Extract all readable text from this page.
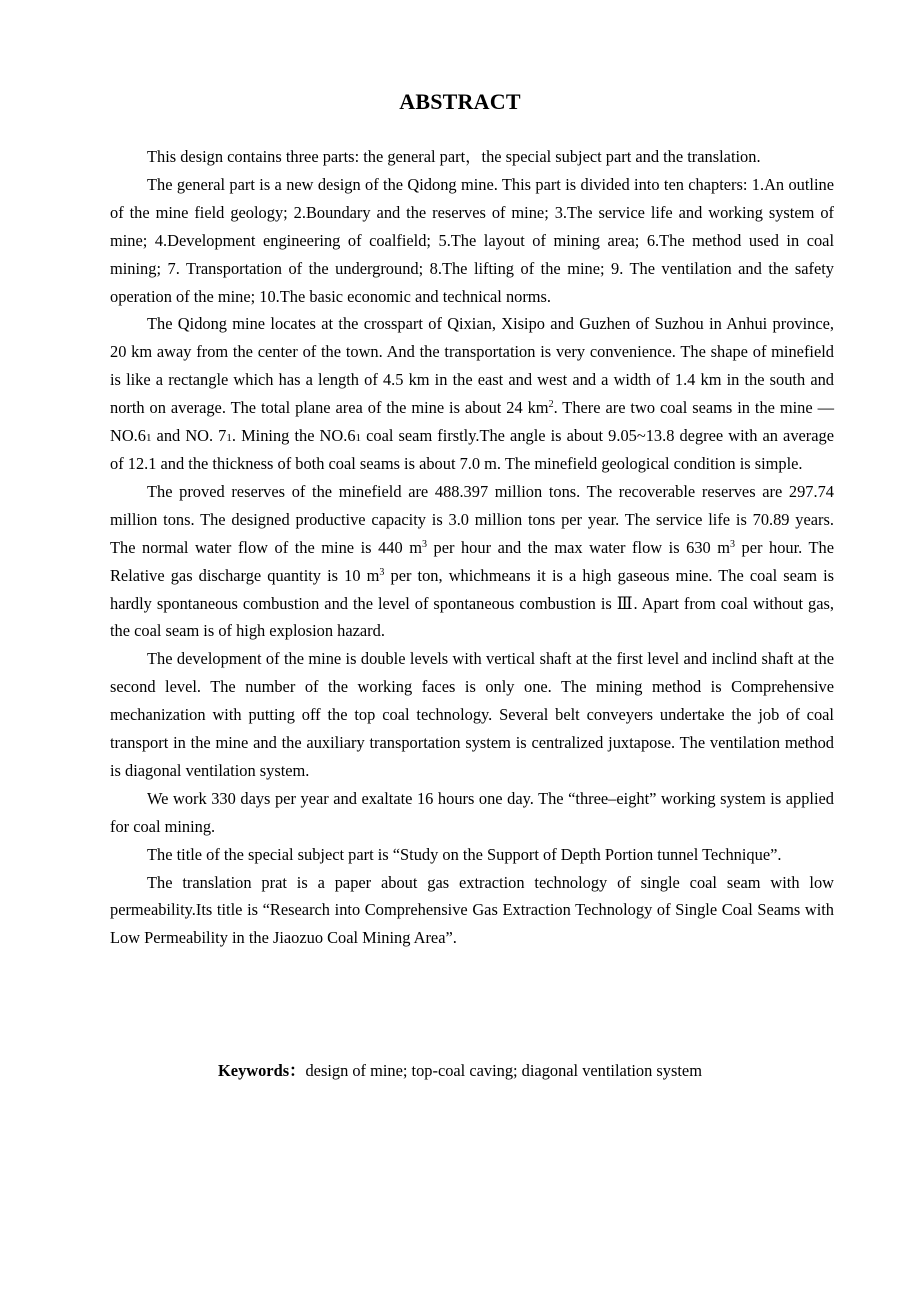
ABSTRACT

This design contains three parts: the general part，the special subject part and the translation.

The general part is a new design of the Qidong mine. This part is divided into ten chapters: 1.An outline of the mine field geology; 2.Boundary and the reserves of mine; 3.The service life and working system of mine; 4.Development engineering of coalfield; 5.The layout of mining area; 6.The method used in coal mining; 7. Transportation of the underground; 8.The lifting of the mine; 9. The ventilation and the safety operation of the mine; 10.The basic economic and technical norms.

The Qidong mine locates at the crosspart of Qixian, Xisipo and Guzhen of Suzhou in Anhui province, 20 km away from the center of the town. And the transportation is very convenience. The shape of minefield is like a rectangle which has a length of 4.5 km in the east and west and a width of 1.4 km in the south and north on average. The total plane area of the mine is about 24 $km^2$. There are two coal seams in the mine —NO.61 and NO. 71. Mining the NO.61 coal seam firstly.The angle is about 9.05~13.8 degree with an average of 12.1 and the thickness of both coal seams is about 7.0 m. The minefield geological condition is simple.

The proved reserves of the minefield are 488.397 million tons. The recoverable reserves are 297.74 million tons. The designed productive capacity is 3.0 million tons per year. The service life is 70.89 years. The normal water flow of the mine is 440 $m^3$ per hour and the max water flow is 630 $m^3$ per hour. The Relative gas discharge quantity is 10 $m^3$ per ton, whichmeans it is a high gaseous mine. The coal seam is hardly spontaneous combustion and the level of spontaneous combustion is Ⅲ. Apart from coal without gas, the coal seam is of high explosion hazard.

The development of the mine is double levels with vertical shaft at the first level and inclind shaft at the second level. The number of the working faces is only one. The mining method is Comprehensive mechanization with putting off the top coal technology. Several belt conveyers undertake the job of coal transport in the mine and the auxiliary transportation system is centralized juxtapose. The ventilation method is diagonal ventilation system.

We work 330 days per year and exaltate 16 hours one day. The “three–eight” working system is applied for coal mining.

The title of the special subject part is “Study on the Support of Depth Portion tunnel Technique”.

The translation prat is a paper about gas extraction technology of single coal seam with low permeability.Its title is “Research into Comprehensive Gas Extraction Technology of Single Coal Seams with Low Permeability in the Jiaozuo Coal Mining Area”.

Keywords：design of mine; top-coal caving; diagonal ventilation system
